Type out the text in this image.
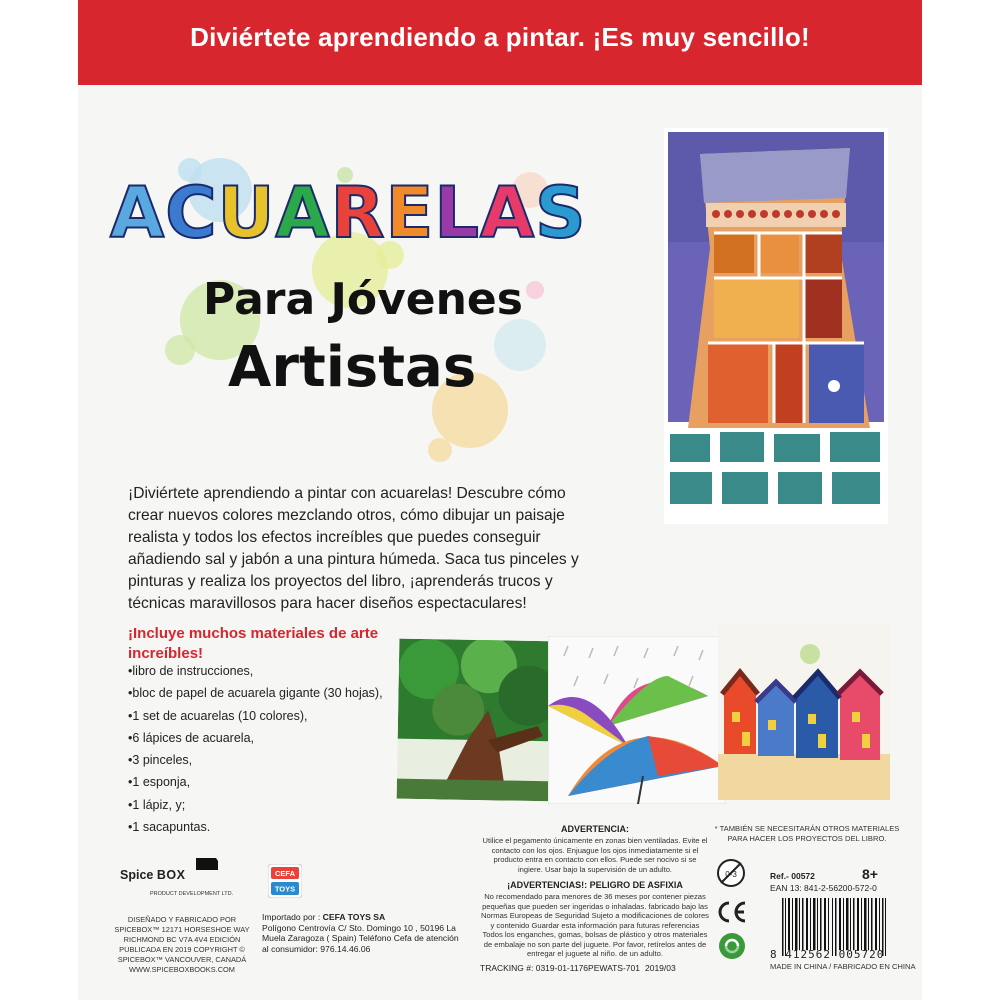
Diviértete aprendiendo a pintar. ¡Es muy sencillo!
ACUARELAS
Para Jóvenes
Artistas
¡Diviértete aprendiendo a pintar con acuarelas! Descubre cómo crear nuevos colores mezclando otros, cómo dibujar un paisaje realista y todos los efectos increíbles que puedes conseguir añadiendo sal y jabón a una pintura húmeda. Saca tus pinceles y pinturas y realiza los proyectos del libro, ¡aprenderás trucos y técnicas maravillosos para hacer diseños espectaculares!
¡Incluye muchos materiales de arte increíbles!
• libro de instrucciones,
• bloc de papel de acuarela gigante (30 hojas),
• 1 set de acuarelas (10 colores),
• 6 lápices de acuarela,
• 3 pinceles,
• 1 esponja,
• 1 lápiz, y;
• 1 sacapuntas.	ADVERTENCIA:
Utilice el pegamento únicamente en zonas bien ventiladas. Evite el contacto con los ojos. Enjuague los ojos inmediatamente si el producto entra en contacto con ellos. Puede ser nocivo si se ingiere. Usar bajo la supervisión de un adulto.
¡ADVERTENCIAS!: PELIGRO DE ASFIXIA
No recomendado para menores de 36 meses por contener piezas pequeñas que pueden ser ingeridas o inhaladas. fabricado bajo las Normas Europeas de Seguridad Sujeto a modificaciones de colores y contenido Guardar esta información para futuras referencias Todos los enganches, gomas, bolsas de plástico y otros materiales de embalaje no son parte del juguete. Por favor, retírelos antes de entregar el juguete al niño. de un adulto.
* TAMBIÉN SE NECESITARÁN OTROS MATERIALES PARA HACER LOS PROYECTOS DEL LIBRO.
0-3	Ref.- 00572
EAN 13: 841-2-56200-572-0
8+
8 412562 005720
MADE IN CHINA / FABRICADO EN CHINA
TRACKING #: 0319-01-1176PEWATS-701 2019/03
Spice BOX
PRODUCT DEVELOPMENT LTD.
DISEÑADO Y FABRICADO POR SPICEBOX™ 12171 HORSESHOE WAY RICHMOND BC V7A 4V4 EDICIÓN PUBLICADA EN 2019 COPYRIGHT © SPICEBOX™ VANCOUVER, CANADÁ WWW.SPICEBOXBOOKS.COM
CEFA
TOYS
Importado por : CEFA TOYS SA
Polígono Centrovía C/ Sto. Domingo 10 , 50196 La Muela Zaragoza ( Spain) Teléfono Cefa de atención al consumidor: 976.14.46.06
